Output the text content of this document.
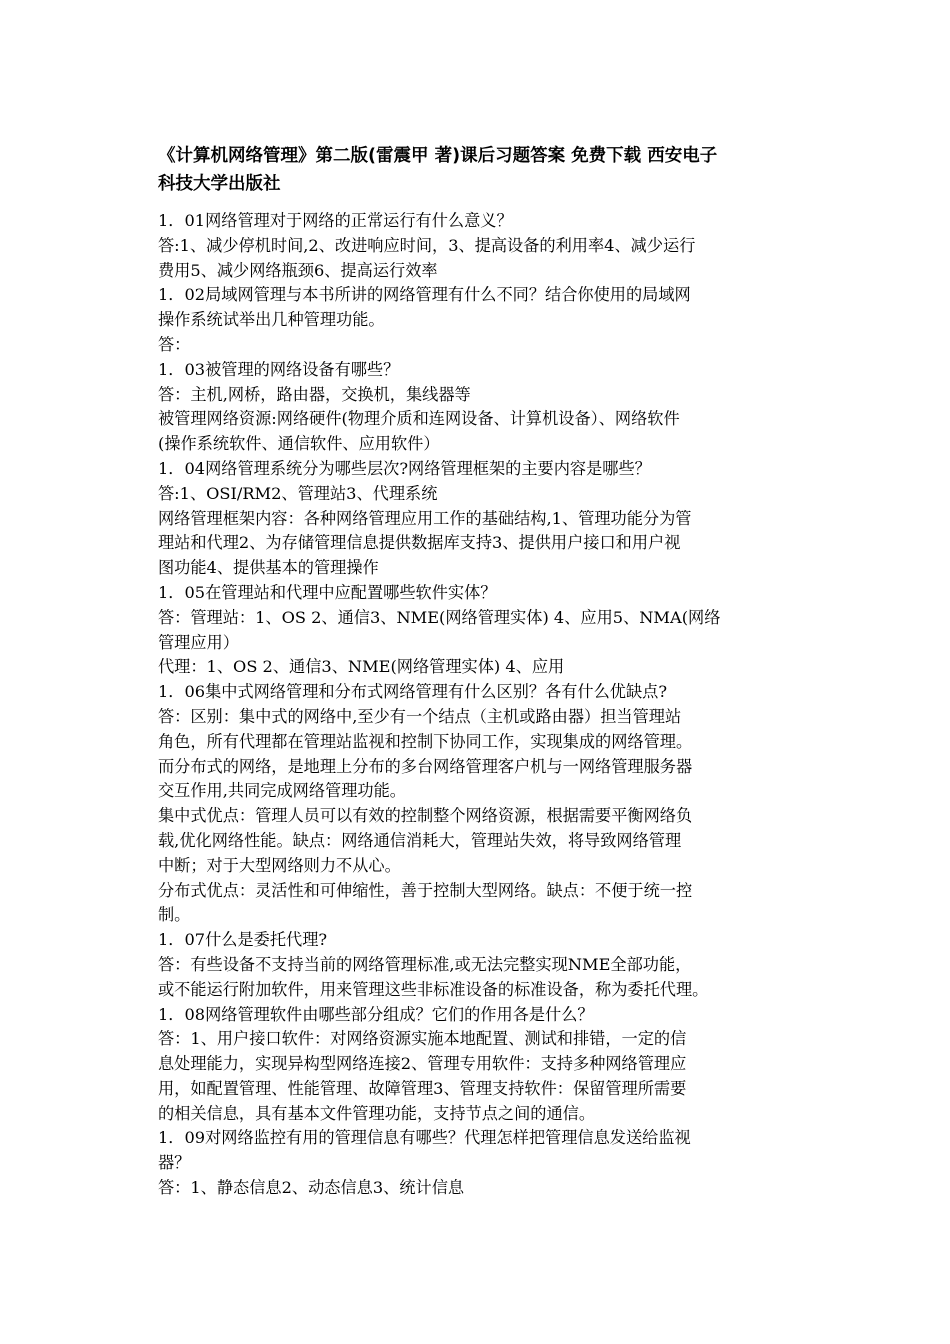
《计算机网络管理》第二版(雷震甲 著)课后习题答案 免费下载 西安电子
科技大学出版社
1．01网络管理对于网络的正常运行有什么意义？
答:1、减少停机时间,2、改进响应时间，3、提高设备的利用率4、减少运行
费用5、减少网络瓶颈6、提高运行效率
1．02局域网管理与本书所讲的网络管理有什么不同？结合你使用的局域网
操作系统试举出几种管理功能。
答：
1．03被管理的网络设备有哪些？
答：主机,网桥，路由器，交换机，集线器等
被管理网络资源:网络硬件(物理介质和连网设备、计算机设备）、网络软件
(操作系统软件、通信软件、应用软件）
1．04网络管理系统分为哪些层次?网络管理框架的主要内容是哪些？
答:1、OSI/RM2、管理站3、代理系统
网络管理框架内容：各种网络管理应用工作的基础结构,1、管理功能分为管
理站和代理2、为存储管理信息提供数据库支持3、提供用户接口和用户视
图功能4、提供基本的管理操作
1．05在管理站和代理中应配置哪些软件实体？
答：管理站：1、OS 2、通信3、NME(网络管理实体) 4、应用5、NMA(网络
管理应用）
代理：1、OS 2、通信3、NME(网络管理实体) 4、应用
1．06集中式网络管理和分布式网络管理有什么区别？各有什么优缺点?
答：区别：集中式的网络中,至少有一个结点（主机或路由器）担当管理站
角色，所有代理都在管理站监视和控制下协同工作，实现集成的网络管理。
而分布式的网络，是地理上分布的多台网络管理客户机与一网络管理服务器
交互作用,共同完成网络管理功能。
集中式优点：管理人员可以有效的控制整个网络资源，根据需要平衡网络负
载,优化网络性能。缺点：网络通信消耗大，管理站失效，将导致网络管理
中断；对于大型网络则力不从心。
分布式优点：灵活性和可伸缩性，善于控制大型网络。缺点：不便于统一控
制。
1．07什么是委托代理?
答：有些设备不支持当前的网络管理标准,或无法完整实现NME全部功能，
或不能运行附加软件，用来管理这些非标准设备的标准设备，称为委托代理。
1．08网络管理软件由哪些部分组成？它们的作用各是什么？
答：1、用户接口软件：对网络资源实施本地配置、测试和排错，一定的信
息处理能力，实现异构型网络连接2、管理专用软件：支持多种网络管理应
用，如配置管理、性能管理、故障管理3、管理支持软件：保留管理所需要
的相关信息，具有基本文件管理功能，支持节点之间的通信。
1．09对网络监控有用的管理信息有哪些？代理怎样把管理信息发送给监视
器？
答：1、静态信息2、动态信息3、统计信息
